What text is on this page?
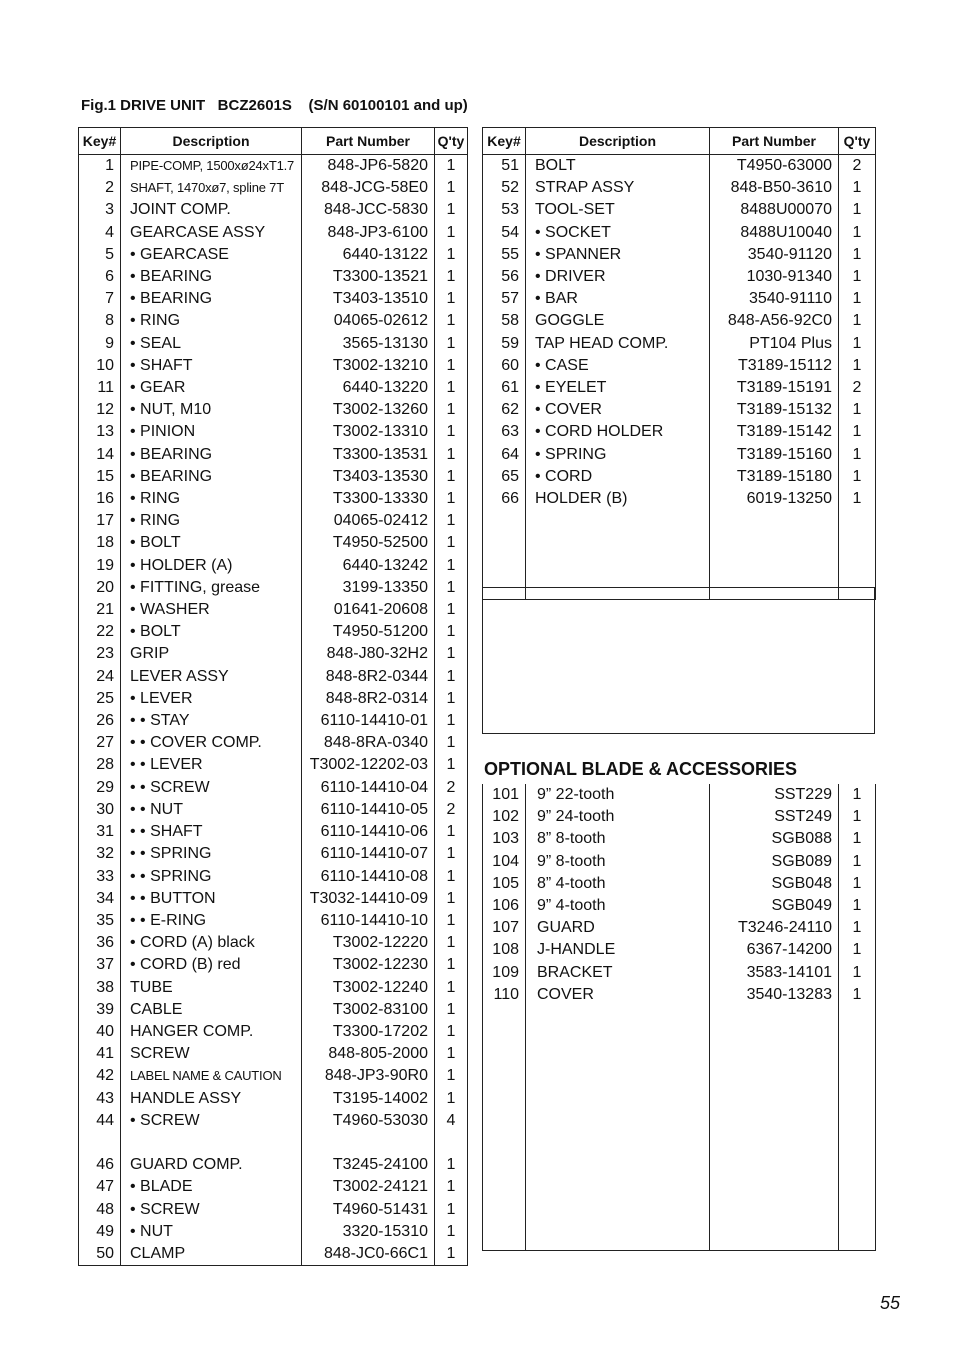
Fig.1 DRIVE UNIT   BCZ2601S    (S/N 60100101 and up)
Key#	Description	Part Number	Q'ty
1	PIPE-COMP, 1500xø24xT1.7	848-JP6-5820	1
2	SHAFT, 1470xø7, spline 7T	848-JCG-58E0	1
3	JOINT COMP.	848-JCC-5830	1
4	GEARCASE ASSY	848-JP3-6100	1
5	• GEARCASE	6440-13122	1
6	• BEARING	T3300-13521	1
7	• BEARING	T3403-13510	1
8	• RING	04065-02612	1
9	• SEAL	3565-13130	1
10	• SHAFT	T3002-13210	1
11	• GEAR	6440-13220	1
12	• NUT, M10	T3002-13260	1
13	• PINION	T3002-13310	1
14	• BEARING	T3300-13531	1
15	• BEARING	T3403-13530	1
16	• RING	T3300-13330	1
17	• RING	04065-02412	1
18	• BOLT	T4950-52500	1
19	• HOLDER (A)	6440-13242	1
20	• FITTING, grease	3199-13350	1
21	• WASHER	01641-20608	1
22	• BOLT	T4950-51200	1
23	GRIP	848-J80-32H2	1
24	LEVER ASSY	848-8R2-0344	1
25	• LEVER	848-8R2-0314	1
26	• • STAY	6110-14410-01	1
27	• • COVER COMP.	848-8RA-0340	1
28	• • LEVER	T3002-12202-03	1
29	• • SCREW	6110-14410-04	2
30	• • NUT	6110-14410-05	2
31	• • SHAFT	6110-14410-06	1
32	• • SPRING	6110-14410-07	1
33	• • SPRING	6110-14410-08	1
34	• • BUTTON	T3032-14410-09	1
35	• • E-RING	6110-14410-10	1
36	• CORD (A) black	T3002-12220	1
37	• CORD (B) red	T3002-12230	1
38	TUBE	T3002-12240	1
39	CABLE	T3002-83100	1
40	HANGER COMP.	T3300-17202	1
41	SCREW	848-805-2000	1
42	LABEL NAME & CAUTION	848-JP3-90R0	1
43	HANDLE ASSY	T3195-14002	1
44	• SCREW	T4960-53030	4

46	GUARD COMP.	T3245-24100	1
47	• BLADE	T3002-24121	1
48	• SCREW	T4960-51431	1
49	• NUT	3320-15310	1
50	CLAMP	848-JC0-66C1	1
Key#	Description	Part Number	Q'ty
51	BOLT	T4950-63000	2
52	STRAP ASSY	848-B50-3610	1
53	TOOL-SET	8488U00070	1
54	• SOCKET	8488U10040	1
55	• SPANNER	3540-91120	1
56	• DRIVER	1030-91340	1
57	• BAR	3540-91110	1
58	GOGGLE	848-A56-92C0	1
59	TAP HEAD COMP.	PT104 Plus	1
60	• CASE	T3189-15112	1
61	• EYELET	T3189-15191	2
62	• COVER	T3189-15132	1
63	• CORD HOLDER	T3189-15142	1
64	• SPRING	T3189-15160	1
65	• CORD	T3189-15180	1
66	HOLDER (B)	6019-13250	1

OPTIONAL BLADE & ACCESSORIES
101	9” 22-tooth	SST229	1
102	9” 24-tooth	SST249	1
103	8” 8-tooth	SGB088	1
104	9” 8-tooth	SGB089	1
105	8” 4-tooth	SGB048	1
106	9” 4-tooth	SGB049	1
107	GUARD	T3246-24110	1
108	J-HANDLE	6367-14200	1
109	BRACKET	3583-14101	1
110	COVER	3540-13283	1

55
